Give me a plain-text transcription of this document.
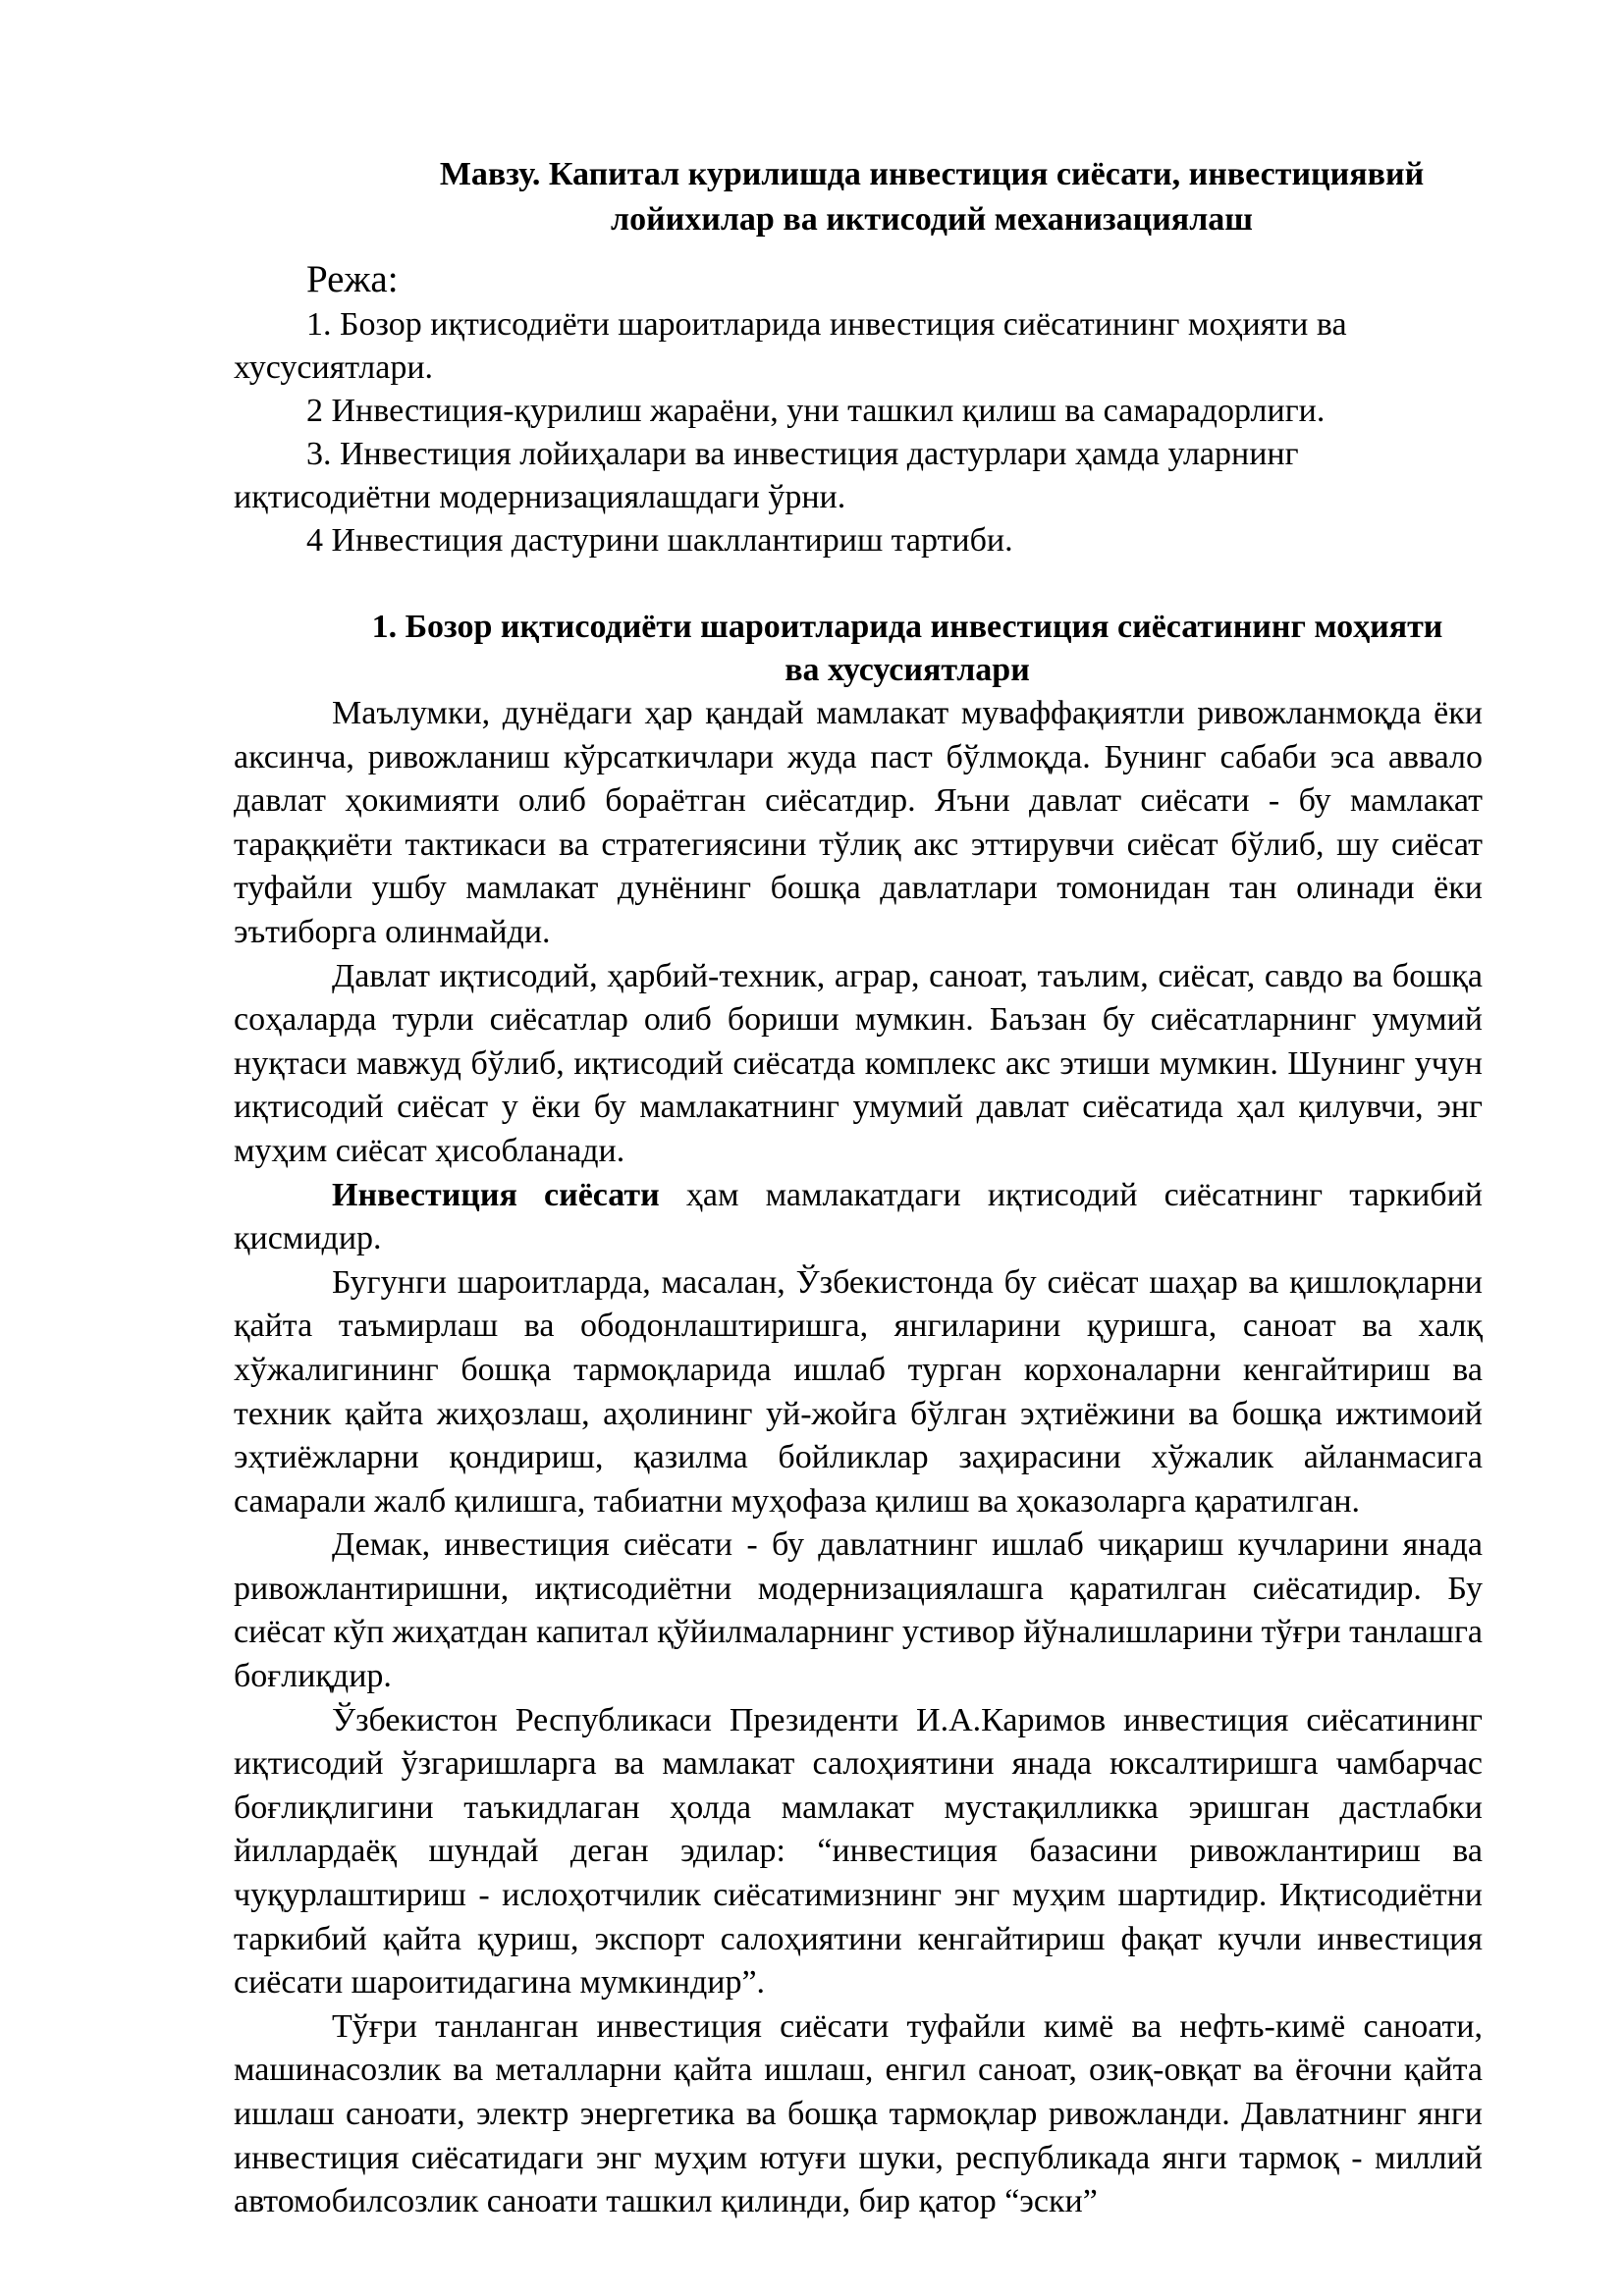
Мавзу. Капитал курилишда инвестиция сиёсати, инвестициявий
лойихилар ва иктисодий механизациялаш
Режа:
1. Бозор иқтисодиёти шароитларида инвестиция сиёсатининг моҳияти ва хусусиятлари.
2 Инвестиция-қурилиш жараёни, уни ташкил қилиш ва самарадорлиги.
3. Инвестиция лойиҳалари ва инвестиция дастурлари ҳамда уларнинг иқтисодиётни модернизациялашдаги ўрни.
4 Инвестиция дастурини шакллантириш тартиби.
1. Бозор иқтисодиёти шароитларида инвестиция сиёсатининг моҳияти
ва хусусиятлари

Маълумки, дунёдаги ҳар қандай мамлакат муваффақиятли ривожланмоқда ёки аксинча, ривожланиш кўрсаткичлари жуда паст бўлмоқда. Бунинг сабаби эса аввало давлат ҳокимияти олиб бораётган сиёсатдир. Яъни давлат сиёсати - бу мамлакат тараққиёти тактикаси ва стратегиясини тўлиқ акс эттирувчи сиёсат бўлиб, шу сиёсат туфайли ушбу мамлакат дунёнинг бошқа давлатлари томонидан тан олинади ёки эътиборга олинмайди.

Давлат иқтисодий, ҳарбий-техник, аграр, саноат, таълим, сиёсат, савдо ва бошқа соҳаларда турли сиёсатлар олиб бориши мумкин. Баъзан бу сиёсатларнинг умумий нуқтаси мавжуд бўлиб, иқтисодий сиёсатда комплекс акс этиши мумкин. Шунинг учун иқтисодий сиёсат у ёки бу мамлакатнинг умумий давлат сиёсатида ҳал қилувчи, энг муҳим сиёсат ҳисобланади.

Инвестиция сиёсати ҳам мамлакатдаги иқтисодий сиёсатнинг таркибий қисмидир.

Бугунги шароитларда, масалан, Ўзбекистонда бу сиёсат шаҳар ва қишлоқларни қайта таъмирлаш ва ободонлаштиришга, янгиларини қуришга, саноат ва халқ хўжалигининг бошқа тармоқларида ишлаб турган корхоналарни кенгайтириш ва техник қайта жиҳозлаш, аҳолининг уй-жойга бўлган эҳтиёжини ва бошқа ижтимоий эҳтиёжларни қондириш, қазилма бойликлар заҳирасини хўжалик айланмасига самарали жалб қилишга, табиатни муҳофаза қилиш ва ҳоказоларга қаратилган.

Демак, инвестиция сиёсати - бу давлатнинг ишлаб чиқариш кучларини янада ривожлантиришни, иқтисодиётни модернизациялашга қаратилган сиёсатидир. Бу сиёсат кўп жиҳатдан капитал қўйилмаларнинг устивор йўналишларини тўғри танлашга боғлиқдир.

Ўзбекистон Республикаси Президенти И.А.Каримов инвестиция сиёсатининг иқтисодий ўзгаришларга ва мамлакат салоҳиятини янада юксалтиришга чамбарчас боғлиқлигини таъкидлаган ҳолда мамлакат мустақилликка эришган дастлабки йиллардаёқ шундай деган эдилар: “инвестиция базасини ривожлантириш ва чуқурлаштириш - ислоҳотчилик сиёсатимизнинг энг муҳим шартидир. Иқтисодиётни таркибий қайта қуриш, экспорт салоҳиятини кенгайтириш фақат кучли инвестиция сиёсати шароитидагина мумкиндир”.

Тўғри танланган инвестиция сиёсати туфайли кимё ва нефть-кимё саноати, машинасозлик ва металларни қайта ишлаш, енгил саноат, озиқ-овқат ва ёғочни қайта ишлаш саноати, электр энергетика ва бошқа тармоқлар ривожланди. Давлатнинг янги инвестиция сиёсатидаги энг муҳим ютуғи шуки, республикада янги тармоқ - миллий автомобилсозлик саноати ташкил қилинди, бир қатор “эски”
